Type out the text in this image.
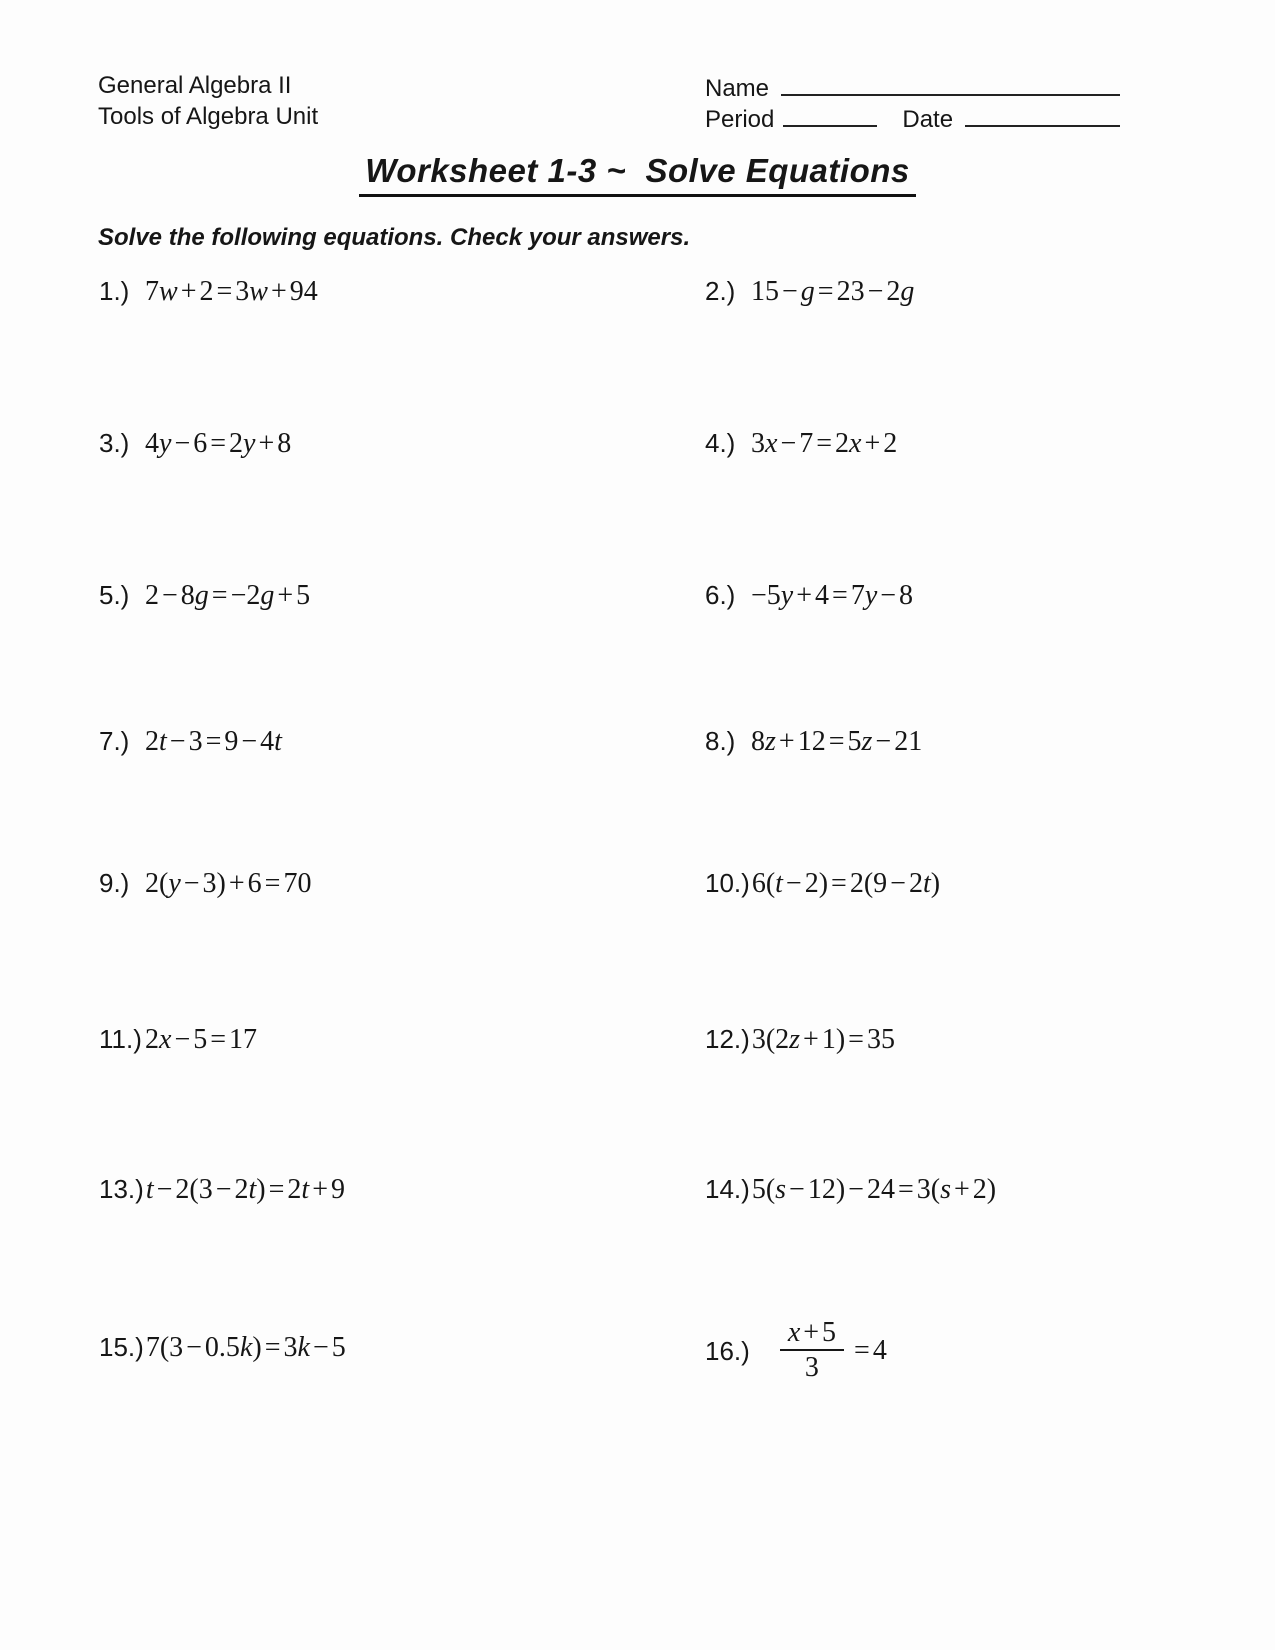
General Algebra II
Tools of Algebra Unit
Name
Period	Date
Worksheet 1-3 ~  Solve Equations
Solve the following equations. Check your answers.
1.) 7w + 2 = 3w + 94	2.) 15 − g = 23 − 2g
3.) 4y − 6 = 2y + 8	4.) 3x − 7 = 2x + 2
5.) 2 − 8g = −2g + 5	6.) −5y + 4 = 7y − 8
7.) 2t − 3 = 9 − 4t	8.) 8z + 12 = 5z − 21
9.) 2(y − 3) + 6 = 70	10.)6(t − 2) = 2(9 − 2t)
11.) 2x − 5 = 17	12.)3(2z + 1) = 35
13.)t − 2(3 − 2t) = 2t + 9	14.)5(s − 12) − 24 = 3(s + 2)
15.)7(3 − 0.5k) = 3k − 5	$16.) \frac{x + 5}{3} = 4$
